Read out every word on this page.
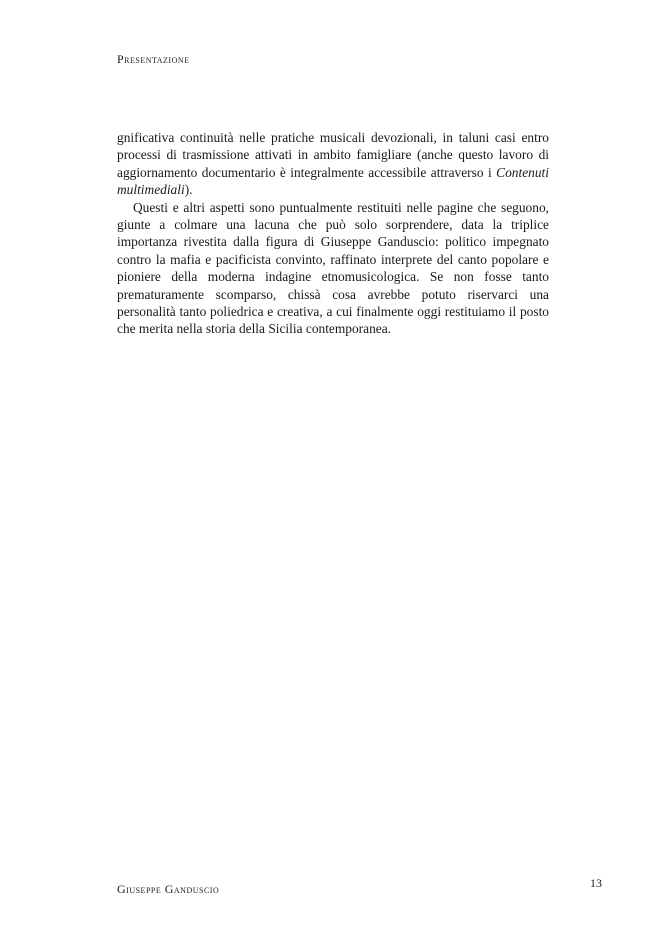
Presentazione

gnificativa continuità nelle pratiche musicali devozionali, in taluni casi entro processi di trasmissione attivati in ambito famigliare (anche questo lavoro di aggiornamento documentario è integralmente accessibile attraverso i Contenuti multimediali).

Questi e altri aspetti sono puntualmente restituiti nelle pagine che seguono, giunte a colmare una lacuna che può solo sorprendere, data la triplice importanza rivestita dalla figura di Giuseppe Ganduscio: politico impegnato contro la mafia e pacificista convinto, raffinato interprete del canto popolare e pioniere della moderna indagine etnomusicologica. Se non fosse tanto prematuramente scomparso, chissà cosa avrebbe potuto riservarci una personalità tanto poliedrica e creativa, a cui finalmente oggi restituiamo il posto che merita nella storia della Sicilia contemporanea.

Giuseppe Ganduscio	13
